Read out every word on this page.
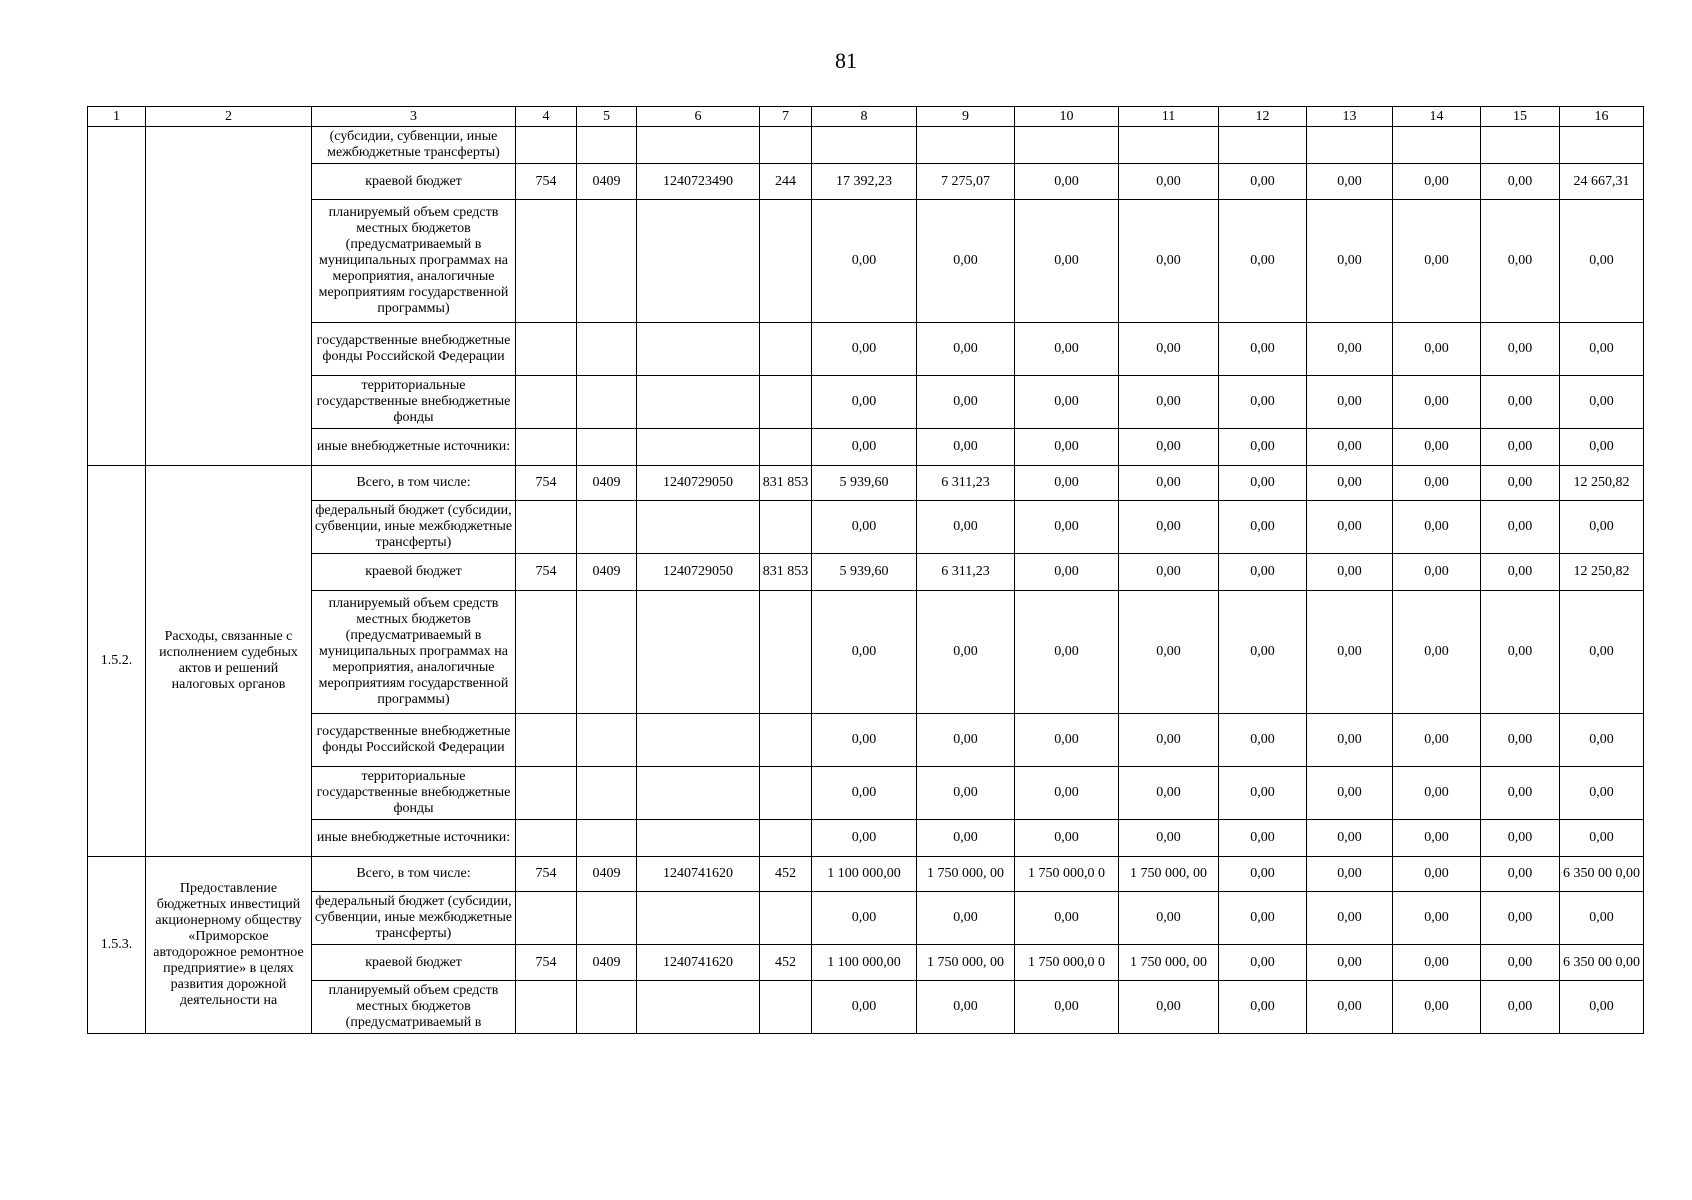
81
1	2	3	4	5	6	7	8	9	10	11	12	13	14	15	16
		(субсидии, субвенции, иные межбюджетные трансферты)													
		краевой бюджет	754	0409	1240723490	244	17 392,23	7 275,07	0,00	0,00	0,00	0,00	0,00	0,00	24 667,31
		планируемый объем средств местных бюджетов (предусматриваемый в муниципальных программах на мероприятия, аналогичные мероприятиям государственной программы)					0,00	0,00	0,00	0,00	0,00	0,00	0,00	0,00	0,00
		государственные внебюджетные фонды Российской Федерации					0,00	0,00	0,00	0,00	0,00	0,00	0,00	0,00	0,00
		территориальные государственные внебюджетные фонды					0,00	0,00	0,00	0,00	0,00	0,00	0,00	0,00	0,00
		иные внебюджетные источники:					0,00	0,00	0,00	0,00	0,00	0,00	0,00	0,00	0,00
1.5.2.	Расходы, связанные с исполнением судебных актов и решений налоговых органов	Всего, в том числе:	754	0409	1240729050	831 853	5 939,60	6 311,23	0,00	0,00	0,00	0,00	0,00	0,00	12 250,82
		федеральный бюджет (субсидии, субвенции, иные межбюджетные трансферты)					0,00	0,00	0,00	0,00	0,00	0,00	0,00	0,00	0,00
		краевой бюджет	754	0409	1240729050	831 853	5 939,60	6 311,23	0,00	0,00	0,00	0,00	0,00	0,00	12 250,82
		планируемый объем средств местных бюджетов (предусматриваемый в муниципальных программах на мероприятия, аналогичные мероприятиям государственной программы)					0,00	0,00	0,00	0,00	0,00	0,00	0,00	0,00	0,00
		государственные внебюджетные фонды Российской Федерации					0,00	0,00	0,00	0,00	0,00	0,00	0,00	0,00	0,00
		территориальные государственные внебюджетные фонды					0,00	0,00	0,00	0,00	0,00	0,00	0,00	0,00	0,00
		иные внебюджетные источники:					0,00	0,00	0,00	0,00	0,00	0,00	0,00	0,00	0,00
1.5.3.	Предоставление бюджетных инвестиций акционерному обществу «Приморское автодорожное ремонтное предприятие» в целях развития дорожной деятельности на	Всего, в том числе:	754	0409	1240741620	452	1 100 000,00	1 750 000, 00	1 750 000,0 0	1 750 000, 00	0,00	0,00	0,00	0,00	6 350 00 0,00
		федеральный бюджет (субсидии, субвенции, иные межбюджетные трансферты)					0,00	0,00	0,00	0,00	0,00	0,00	0,00	0,00	0,00
		краевой бюджет	754	0409	1240741620	452	1 100 000,00	1 750 000, 00	1 750 000,0 0	1 750 000, 00	0,00	0,00	0,00	0,00	6 350 00 0,00
		планируемый объем средств местных бюджетов (предусматриваемый в					0,00	0,00	0,00	0,00	0,00	0,00	0,00	0,00	0,00
